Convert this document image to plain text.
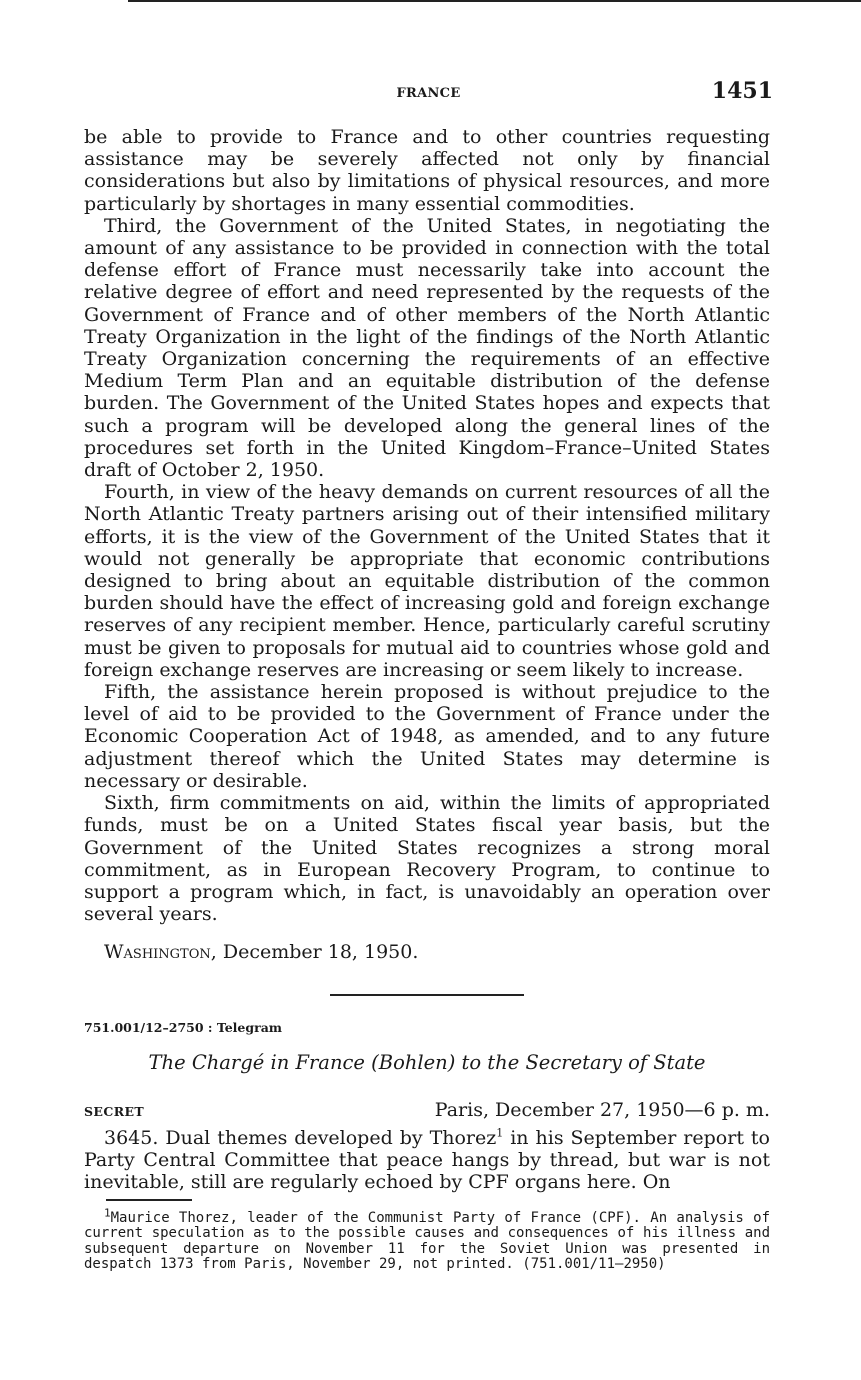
FRANCE	1451

be able to provide to France and to other countries requesting assistance may be severely affected not only by financial considerations but also by limitations of physical resources, and more particularly by shortages in many essential commodities.

Third, the Government of the United States, in negotiating the amount of any assistance to be provided in connection with the total defense effort of France must necessarily take into account the relative degree of effort and need represented by the requests of the Government of France and of other members of the North Atlantic Treaty Organization in the light of the findings of the North Atlantic Treaty Organization concerning the requirements of an effective Medium Term Plan and an equitable distribution of the defense burden. The Government of the United States hopes and expects that such a program will be developed along the general lines of the procedures set forth in the United Kingdom–France–United States draft of October 2, 1950.

Fourth, in view of the heavy demands on current resources of all the North Atlantic Treaty partners arising out of their intensified military efforts, it is the view of the Government of the United States that it would not generally be appropriate that economic contributions designed to bring about an equitable distribution of the common burden should have the effect of increasing gold and foreign exchange reserves of any recipient member. Hence, particularly careful scrutiny must be given to proposals for mutual aid to countries whose gold and foreign exchange reserves are increasing or seem likely to increase.

Fifth, the assistance herein proposed is without prejudice to the level of aid to be provided to the Government of France under the Economic Cooperation Act of 1948, as amended, and to any future adjustment thereof which the United States may determine is necessary or desirable.

Sixth, firm commitments on aid, within the limits of appropriated funds, must be on a United States fiscal year basis, but the Government of the United States recognizes a strong moral commitment, as in European Recovery Program, to continue to support a program which, in fact, is unavoidably an operation over several years.

Washington, December 18, 1950.

751.001/12–2750 : Telegram

The Chargé in France (Bohlen) to the Secretary of State

SECRET	Paris, December 27, 1950—6 p. m.

3645. Dual themes developed by Thorez$^1$ in his September report to Party Central Committee that peace hangs by thread, but war is not inevitable, still are regularly echoed by CPF organs here. On

$^1$Maurice Thorez, leader of the Communist Party of France (CPF). An analysis of current speculation as to the possible causes and consequences of his illness and subsequent departure on November 11 for the Soviet Union was presented in despatch 1373 from Paris, November 29, not printed. (751.001/11–2950)
